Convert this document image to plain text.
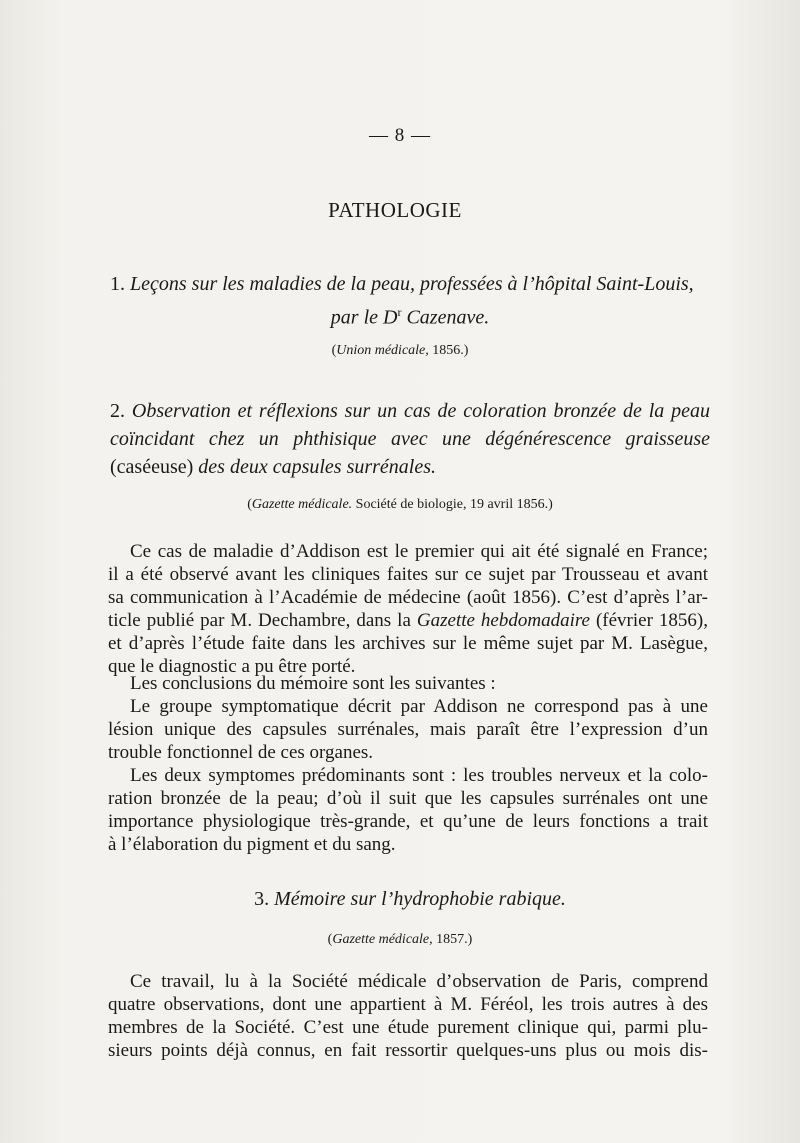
— 8 —
PATHOLOGIE
1. Leçons sur les maladies de la peau, professées à l’hôpital Saint-Louis,
par le $D^r$ Cazenave.
(Union médicale, 1856.)
2. Observation et réflexions sur un cas de coloration bronzée de la peau
coïncidant chez un phthisique avec une dégénérescence graisseuse
(caséeuse) des deux capsules surrénales.
(Gazette médicale. Société de biologie, 19 avril 1856.)
Ce cas de maladie d’Addison est le premier qui ait été signalé en France;
il a été observé avant les cliniques faites sur ce sujet par Trousseau et avant
sa communication à l’Académie de médecine (août 1856). C’est d’après l’ar-
ticle publié par M. Dechambre, dans la Gazette hebdomadaire (février 1856),
et d’après l’étude faite dans les archives sur le même sujet par M. Lasègue,
que le diagnostic a pu être porté.
Les conclusions du mémoire sont les suivantes :
Le groupe symptomatique décrit par Addison ne correspond pas à une
lésion unique des capsules surrénales, mais paraît être l’expression d’un
trouble fonctionnel de ces organes.
Les deux symptomes prédominants sont : les troubles nerveux et la colo-
ration bronzée de la peau; d’où il suit que les capsules surrénales ont une
importance physiologique très-grande, et qu’une de leurs fonctions a trait
à l’élaboration du pigment et du sang.
3. Mémoire sur l’hydrophobie rabique.
(Gazette médicale, 1857.)
Ce travail, lu à la Société médicale d’observation de Paris, comprend
quatre observations, dont une appartient à M. Féréol, les trois autres à des
membres de la Société. C’est une étude purement clinique qui, parmi plu-
sieurs points déjà connus, en fait ressortir quelques-uns plus ou mois dis-
